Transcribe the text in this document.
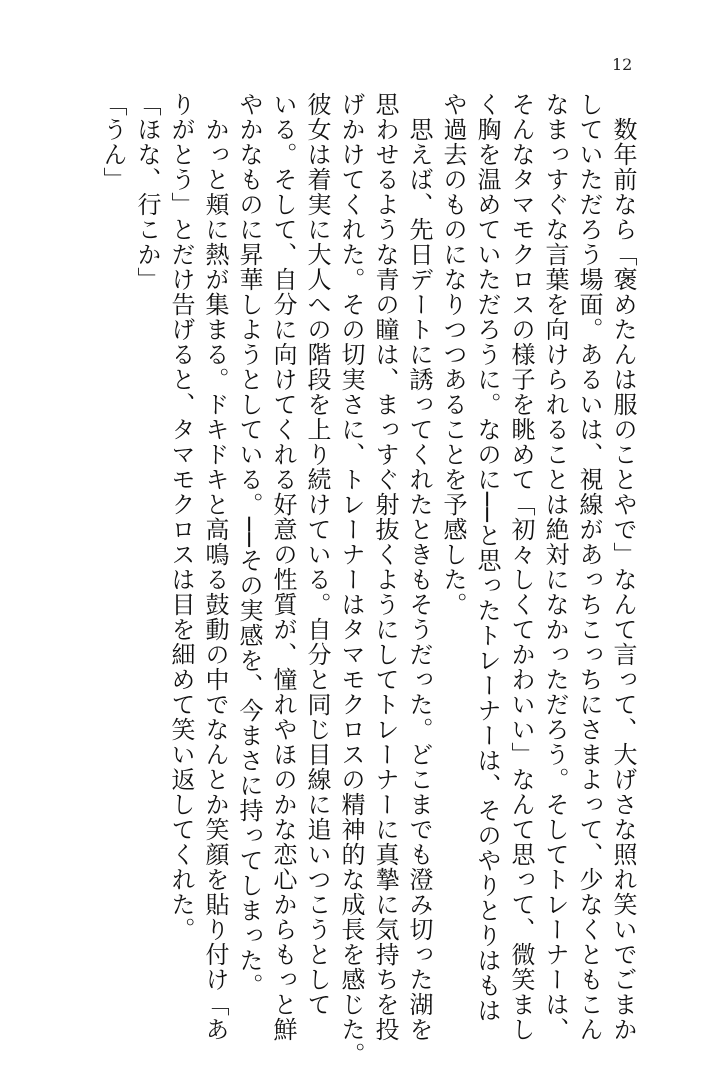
12
　数年前なら「褒めたんは服のことやで」なんて言って、大げさな照れ笑いでごまか
していただろう場面。あるいは、視線があっちこっちにさまよって、少なくともこん
なまっすぐな言葉を向けられることは絶対になかっただろう。そしてトレーナーは、
そんなタマモクロスの様子を眺めて「初々しくてかわいい」なんて思って、微笑まし
く胸を温めていただろうに。なのに──と思ったトレーナーは、そのやりとりはもは
や過去のものになりつつあることを予感した。
　思えば、先日デートに誘ってくれたときもそうだった。どこまでも澄み切った湖を
思わせるような青の瞳は、まっすぐ射抜くようにしてトレーナーに真摯に気持ちを投
げかけてくれた。その切実さに、トレーナーはタマモクロスの精神的な成長を感じた。
彼女は着実に大人への階段を上り続けている。自分と同じ目線に追いつこうとして
いる。そして、自分に向けてくれる好意の性質が、憧れやほのかな恋心からもっと鮮
やかなものに昇華しようとしている。──その実感を、今まさに持ってしまった。
　かっと頬に熱が集まる。ドキドキと高鳴る鼓動の中でなんとか笑顔を貼り付け「あ
りがとう」とだけ告げると、タマモクロスは目を細めて笑い返してくれた。
「ほな、行こか」
「うん」
